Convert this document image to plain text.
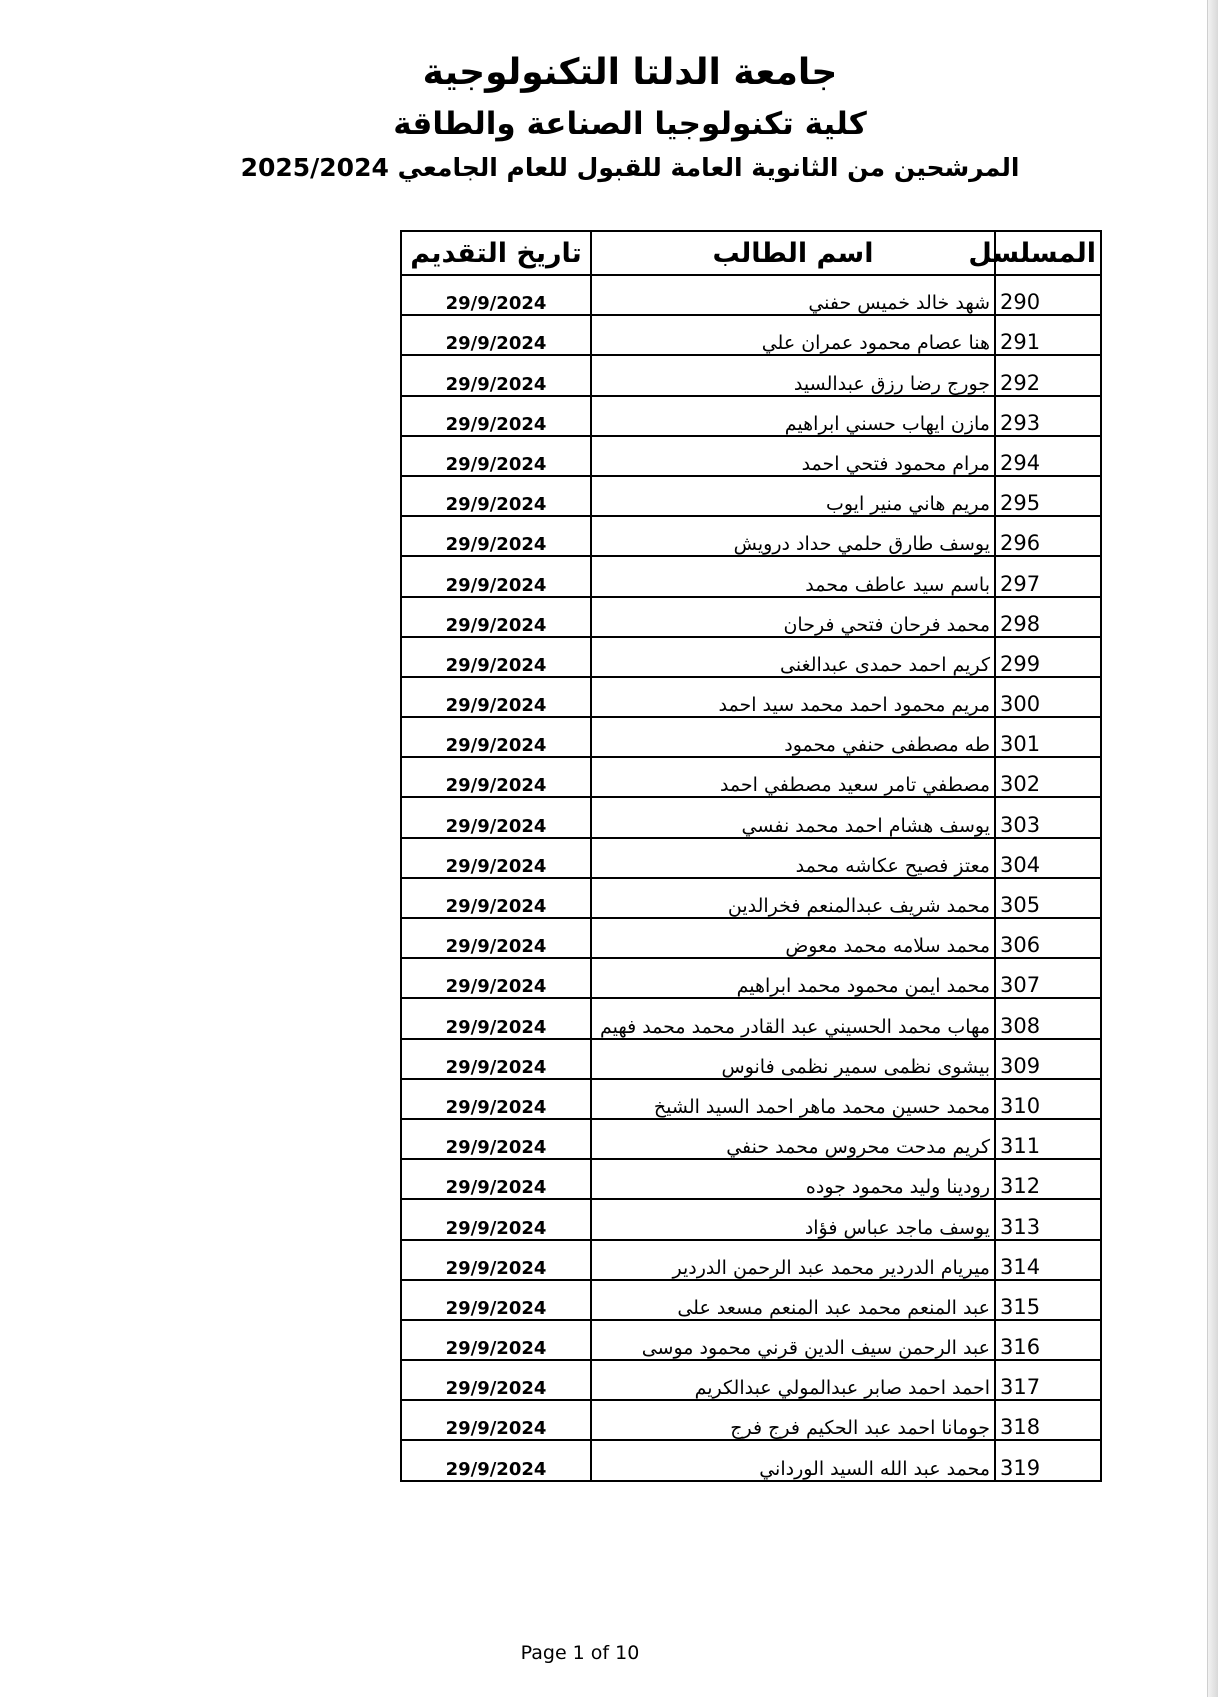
جامعة الدلتا التكنولوجية
كلية تكنولوجيا الصناعة والطاقة
المرشحين من الثانوية العامة للقبول للعام الجامعي 2025/2024
المسلسل	اسم الطالب	تاريخ التقديم
290	شهد خالد خميس حفني	29/9/2024
291	هنا عصام محمود عمران علي	29/9/2024
292	جورج رضا رزق عبدالسيد	29/9/2024
293	مازن ايهاب حسني ابراهيم	29/9/2024
294	مرام محمود فتحي احمد	29/9/2024
295	مريم هاني منير ايوب	29/9/2024
296	يوسف طارق حلمي حداد درويش	29/9/2024
297	باسم سيد عاطف محمد	29/9/2024
298	محمد فرحان فتحي فرحان	29/9/2024
299	كريم احمد حمدى عبدالغنى	29/9/2024
300	مريم محمود احمد محمد سيد احمد	29/9/2024
301	طه مصطفى حنفي محمود	29/9/2024
302	مصطفي تامر سعيد مصطفي احمد	29/9/2024
303	يوسف هشام احمد محمد نفسي	29/9/2024
304	معتز فصيح عكاشه محمد	29/9/2024
305	محمد شريف عبدالمنعم فخرالدين	29/9/2024
306	محمد سلامه محمد معوض	29/9/2024
307	محمد ايمن محمود محمد ابراهيم	29/9/2024
308	مهاب محمد الحسيني عبد القادر محمد محمد فهيم	29/9/2024
309	بيشوى نظمى سمير نظمى فانوس	29/9/2024
310	محمد حسين محمد ماهر احمد السيد الشيخ	29/9/2024
311	كريم مدحت محروس محمد حنفي	29/9/2024
312	رودينا وليد محمود جوده	29/9/2024
313	يوسف ماجد عباس فؤاد	29/9/2024
314	ميريام الدردير محمد عبد الرحمن الدردير	29/9/2024
315	عبد المنعم محمد عبد المنعم مسعد على	29/9/2024
316	عبد الرحمن سيف الدين قرني محمود موسى	29/9/2024
317	احمد احمد صابر عبدالمولي عبدالكريم	29/9/2024
318	جومانا احمد عبد الحكيم فرج فرج	29/9/2024
319	محمد عبد الله السيد الورداني	29/9/2024
Page 1 of 10
